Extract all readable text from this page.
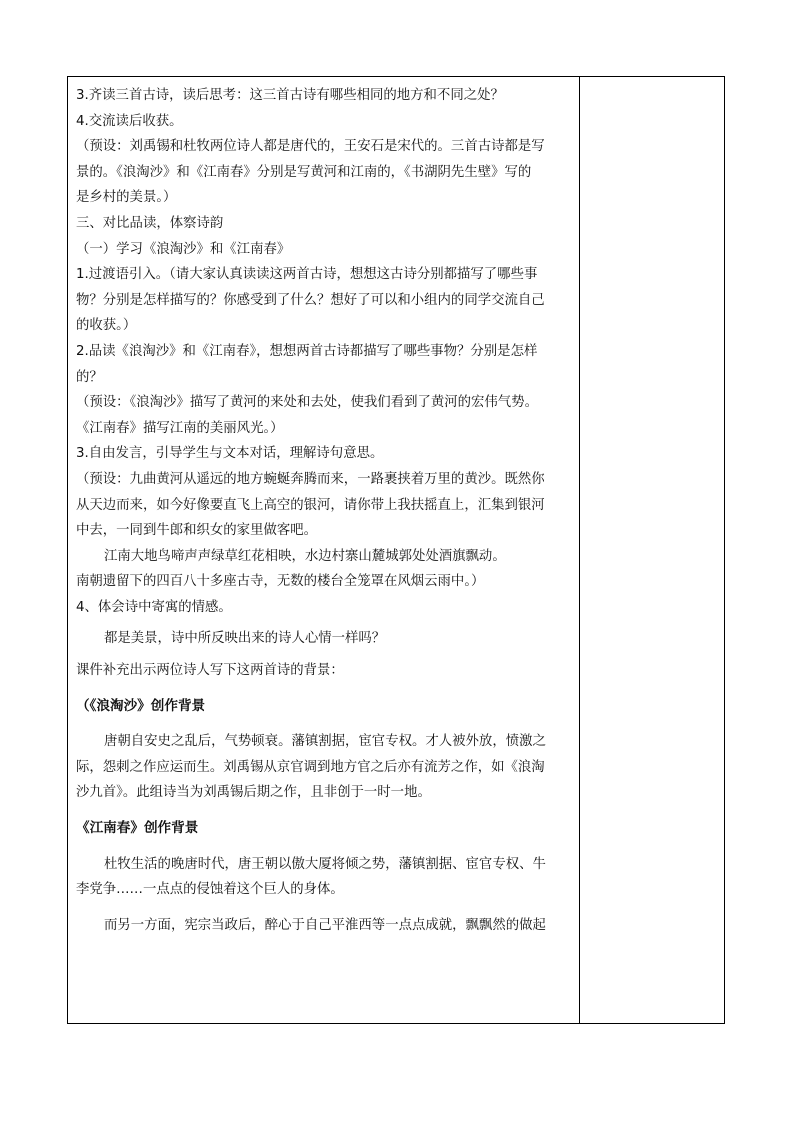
3.齐读三首古诗，读后思考：这三首古诗有哪些相同的地方和不同之处？

4.交流读后收获。

（预设：刘禹锡和杜牧两位诗人都是唐代的，王安石是宋代的。三首古诗都是写

景的。《浪淘沙》和《江南春》分别是写黄河和江南的，《书湖阴先生壁》写的

是乡村的美景。）

三、对比品读，体察诗韵

（一）学习《浪淘沙》和《江南春》

1.过渡语引入。（请大家认真读读这两首古诗，想想这古诗分别都描写了哪些事

物？分别是怎样描写的？你感受到了什么？想好了可以和小组内的同学交流自己

的收获。）

2.品读《浪淘沙》和《江南春》，想想两首古诗都描写了哪些事物？分别是怎样

的？

（预设：《浪淘沙》描写了黄河的来处和去处，使我们看到了黄河的宏伟气势。

《江南春》描写江南的美丽风光。）

3.自由发言，引导学生与文本对话，理解诗句意思。

（预设：九曲黄河从遥远的地方蜿蜒奔腾而来，一路裹挟着万里的黄沙。既然你

从天边而来，如今好像要直飞上高空的银河，请你带上我扶摇直上，汇集到银河

中去，一同到牛郎和织女的家里做客吧。

江南大地鸟啼声声绿草红花相映，水边村寨山麓城郭处处酒旗飘动。

南朝遗留下的四百八十多座古寺，无数的楼台全笼罩在风烟云雨中。）

4、体会诗中寄寓的情感。

都是美景，诗中所反映出来的诗人心情一样吗？

课件补充出示两位诗人写下这两首诗的背景：

（《浪淘沙》创作背景

唐朝自安史之乱后，气势顿衰。藩镇割据，宦官专权。才人被外放，愤激之

际，怨刺之作应运而生。刘禹锡从京官调到地方官之后亦有流芳之作，如《浪淘

沙九首》。此组诗当为刘禹锡后期之作，且非创于一时一地。

《江南春》创作背景

杜牧生活的晚唐时代，唐王朝以傲大厦将倾之势，藩镇割据、宦官专权、牛

李党争……一点点的侵蚀着这个巨人的身体。

而另一方面，宪宗当政后，醉心于自己平淮西等一点点成就，飘飘然的做起
